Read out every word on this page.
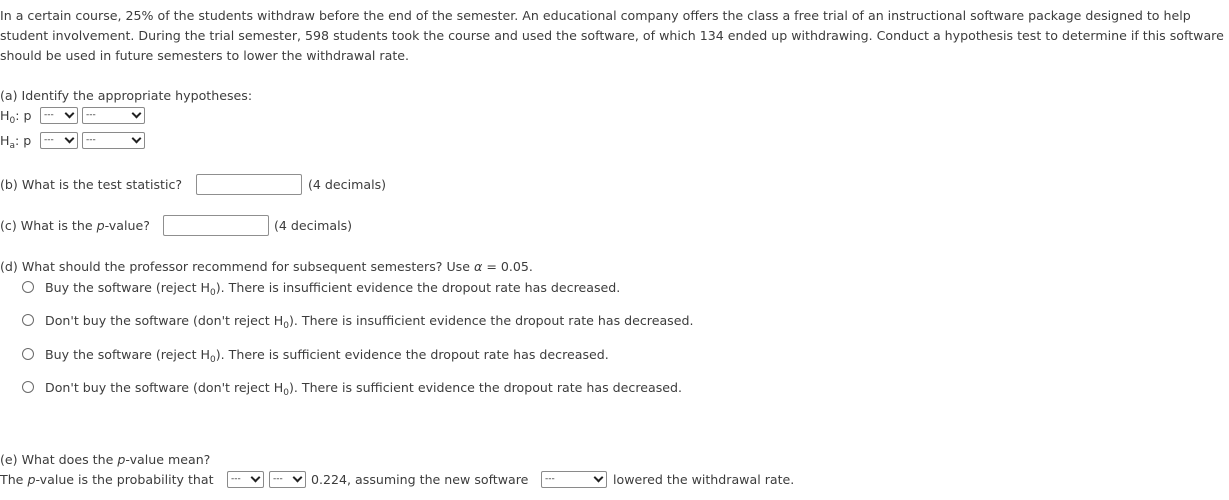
In a certain course, 25% of the students withdraw before the end of the semester. An educational company offers the class a free trial of an instructional software package designed to help student involvement. During the trial semester, 598 students took the course and used the software, of which 134 ended up withdrawing. Conduct a hypothesis test to determine if this software should be used in future semesters to lower the withdrawal rate.
(a) Identify the appropriate hypotheses:
$H_0$: p	---	---
$H_a$: p	---	---
(b) What is the test statistic?	(4 decimals)
(c) What is the p-value?	(4 decimals)
(d) What should the professor recommend for subsequent semesters? Use α = 0.05.
Buy the software (reject $H_0$). There is insufficient evidence the dropout rate has decreased.
Don't buy the software (don't reject $H_0$). There is insufficient evidence the dropout rate has decreased.
Buy the software (reject $H_0$). There is sufficient evidence the dropout rate has decreased.
Don't buy the software (don't reject $H_0$). There is sufficient evidence the dropout rate has decreased.
(e) What does the p-value mean?
The p-value is the probability that	---	---	0.224, assuming the new software	---	lowered the withdrawal rate.
